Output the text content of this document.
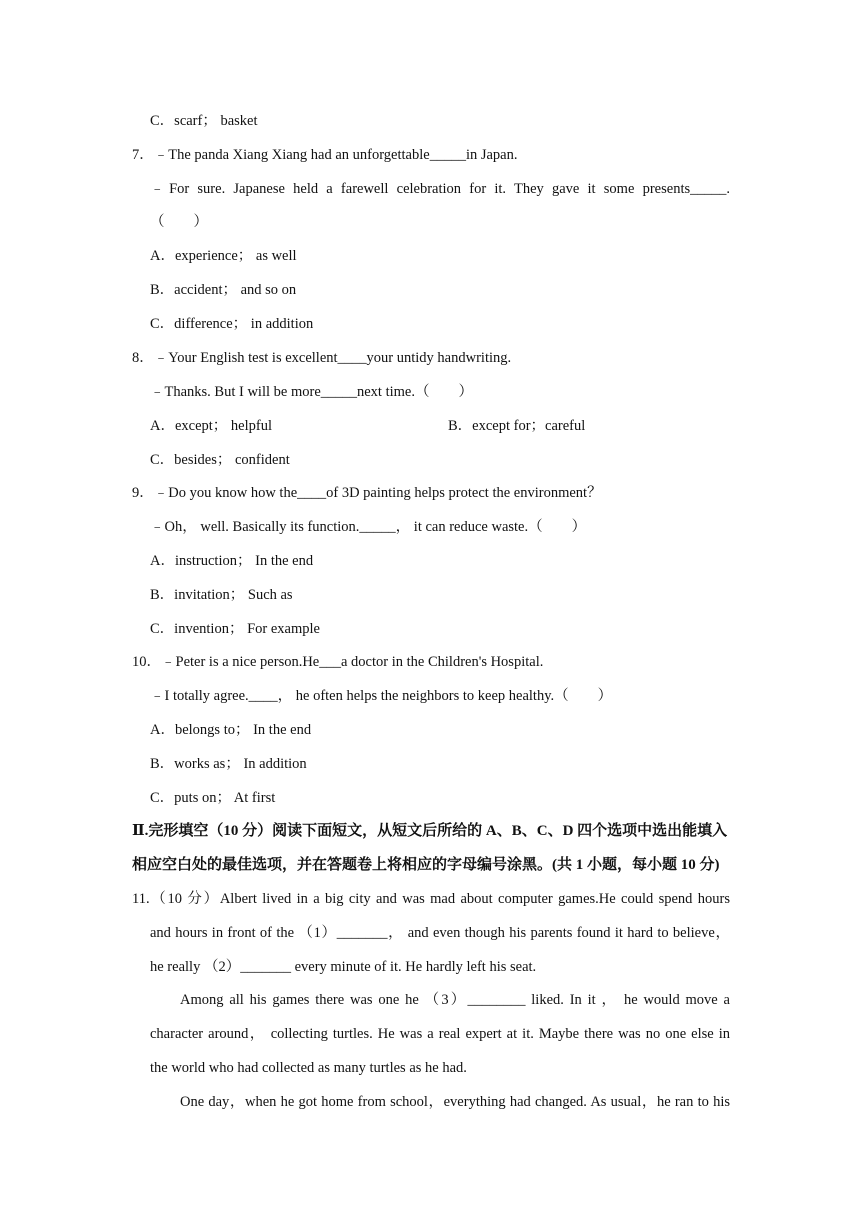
C．scarf； basket
7．﹣The panda Xiang Xiang had an unforgettable_____in Japan.
﹣For sure. Japanese held a farewell celebration for it. They gave it some presents_____.
（　　）
A．experience； as well
B．accident； and so on
C．difference； in addition
8．﹣Your English test is excellent____your untidy handwriting.
﹣Thanks. But I will be more_____next time.（　　）
A．except； helpful	B．except for；careful
C．besides； confident
9．﹣Do you know how the____of 3D painting helps protect the environment？
﹣Oh， well. Basically its function._____， it can reduce waste.（　　）
A．instruction； In the end
B．invitation； Such as
C．invention； For example
10．﹣Peter is a nice person.He___a doctor in the Children's Hospital.
﹣I totally agree.____， he often helps the neighbors to keep healthy.（　　）
A．belongs to； In the end
B．works as； In addition
C．puts on； At first
Ⅱ.完形填空（10 分）阅读下面短文，从短文后所给的 A、B、C、D 四个选项中选出能填入
相应空白处的最佳选项，并在答题卷上将相应的字母编号涂黑。(共 1 小题，每小题 10 分)
11.（10 分）Albert lived in a big city and was mad about computer games.He could spend hours
and hours in front of the （1）_______， and even though his parents found it hard to believe，
he really （2）_______ every minute of it. He hardly left his seat.
Among all his games there was one he （3）________ liked. In it ， he would move a
character around， collecting turtles. He was a real expert at it. Maybe there was no one else in
the world who had collected as many turtles as he had.
One day，when he got home from school，everything had changed. As usual，he ran to his
